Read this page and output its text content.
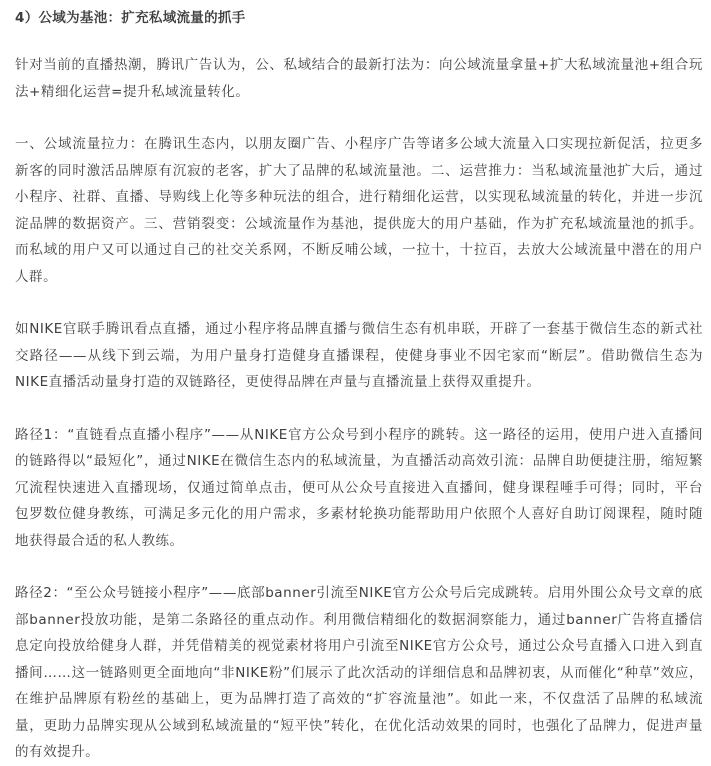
4）公域为基池：扩充私域流量的抓手

针对当前的直播热潮，腾讯广告认为，公、私域结合的最新打法为：向公域流量拿量+扩大私域流量池+组合玩法+精细化运营=提升私域流量转化。

一、公域流量拉力：在腾讯生态内，以朋友圈广告、小程序广告等诸多公域大流量入口实现拉新促活，拉更多新客的同时激活品牌原有沉寂的老客，扩大了品牌的私域流量池。二、运营推力：当私域流量池扩大后，通过小程序、社群、直播、导购线上化等多种玩法的组合，进行精细化运营，以实现私域流量的转化，并进一步沉淀品牌的数据资产。三、营销裂变：公域流量作为基池，提供庞大的用户基础，作为扩充私域流量池的抓手。而私域的用户又可以通过自己的社交关系网，不断反哺公域，一拉十，十拉百，去放大公域流量中潜在的用户人群。

如NIKE官联手腾讯看点直播，通过小程序将品牌直播与微信生态有机串联，开辟了一套基于微信生态的新式社交路径——从线下到云端，为用户量身打造健身直播课程，使健身事业不因宅家而“断层”。借助微信生态为NIKE直播活动量身打造的双链路径，更使得品牌在声量与直播流量上获得双重提升。

路径1：“直链看点直播小程序”——从NIKE官方公众号到小程序的跳转。这一路径的运用，使用户进入直播间的链路得以“最短化”，通过NIKE在微信生态内的私域流量，为直播活动高效引流：品牌自助便捷注册，缩短繁冗流程快速进入直播现场，仅通过简单点击，便可从公众号直接进入直播间，健身课程唾手可得；同时，平台包罗数位健身教练，可满足多元化的用户需求，多素材轮换功能帮助用户依照个人喜好自助订阅课程，随时随地获得最合适的私人教练。

路径2：“至公众号链接小程序”——底部banner引流至NIKE官方公众号后完成跳转。启用外围公众号文章的底部banner投放功能，是第二条路径的重点动作。利用微信精细化的数据洞察能力，通过banner广告将直播信息定向投放给健身人群，并凭借精美的视觉素材将用户引流至NIKE官方公众号，通过公众号直播入口进入到直播间……这一链路则更全面地向“非NIKE粉”们展示了此次活动的详细信息和品牌初衷，从而催化“种草”效应，在维护品牌原有粉丝的基础上，更为品牌打造了高效的“扩容流量池”。如此一来，不仅盘活了品牌的私域流量，更助力品牌实现从公域到私域流量的“短平快”转化，在优化活动效果的同时，也强化了品牌力，促进声量的有效提升。
